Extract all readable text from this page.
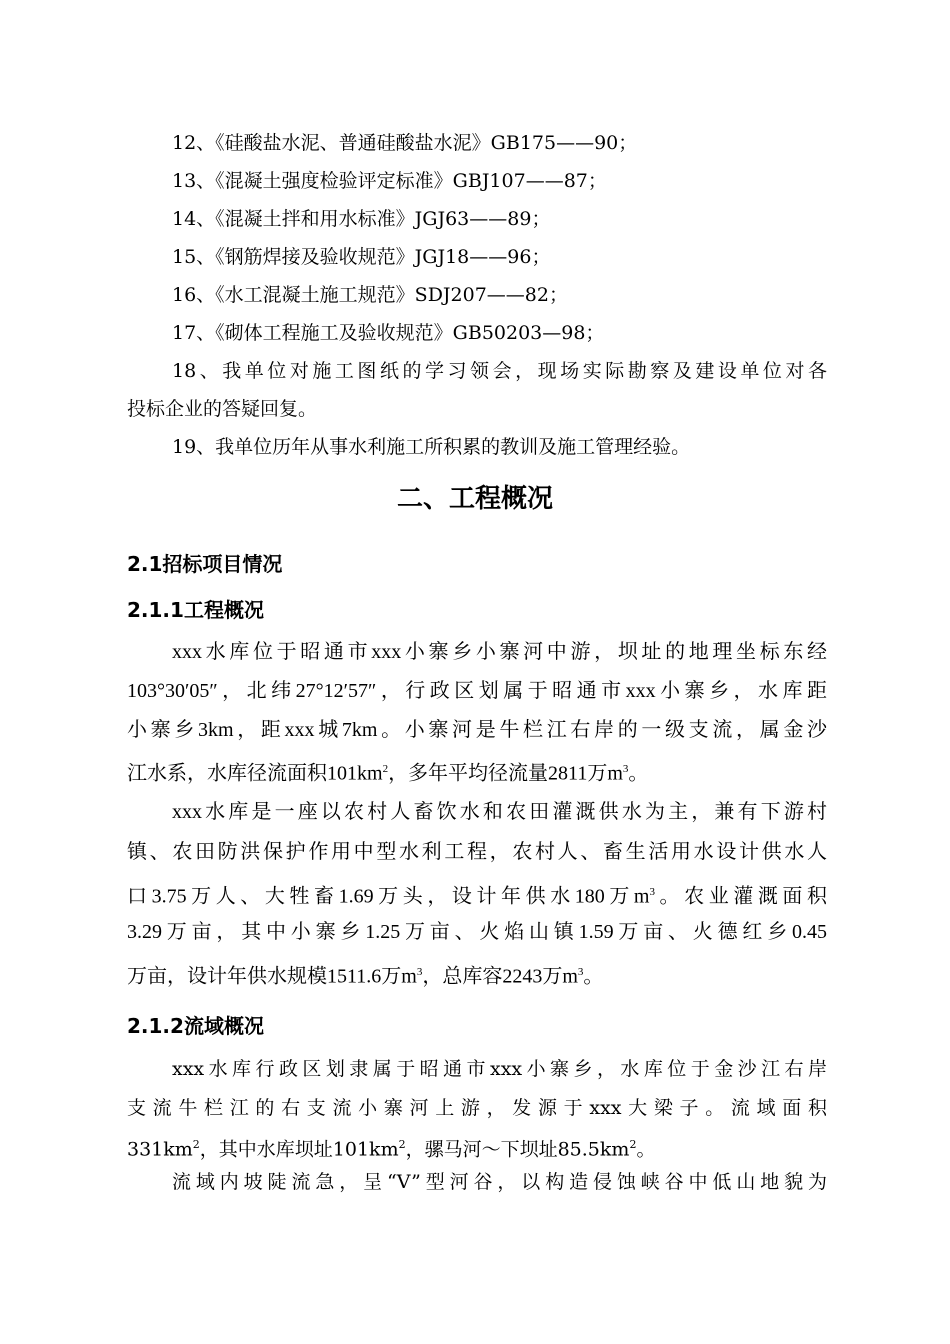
12、《硅酸盐水泥、普通硅酸盐水泥》GB175——90；
13、《混凝土强度检验评定标准》GBJ107——87；
14、《混凝土拌和用水标准》JGJ63——89；
15、《钢筋焊接及验收规范》JGJ18——96；
16、《水工混凝土施工规范》SDJ207——82；
17、《砌体工程施工及验收规范》GB50203—98；
18、我单位对施工图纸的学习领会，现场实际勘察及建设单位对各
投标企业的答疑回复。
19、我单位历年从事水利施工所积累的教训及施工管理经验。
二、工程概况
2.1招标项目情况
2.1.1工程概况
xxx水库位于昭通市xxx小寨乡小寨河中游，坝址的地理坐标东经
103°30′05″，北纬27°12′57″，行政区划属于昭通市xxx小寨乡，水库距
小寨乡3km，距xxx城7km。小寨河是牛栏江右岸的一级支流，属金沙
江水系，水库径流面积$101km^2$，多年平均径流量2811万$m^3$。
xxx水库是一座以农村人畜饮水和农田灌溉供水为主，兼有下游村
镇、农田防洪保护作用中型水利工程，农村人、畜生活用水设计供水人
口3.75万人、大牲畜1.69万头，设计年供水180万$m^3$。农业灌溉面积
3.29万亩，其中小寨乡1.25万亩、火焰山镇1.59万亩、火德红乡0.45
万亩，设计年供水规模1511.6万$m^3$，总库容2243万$m^3$。
2.1.2流域概况
xxx水库行政区划隶属于昭通市xxx小寨乡，水库位于金沙江右岸
支流牛栏江的右支流小寨河上游，发源于xxx大梁子。流域面积
$331km^2$，其中水库坝址$101km^2$，骡马河～下坝址$85.5km^2$。
流域内坡陡流急，呈“V”型河谷，以构造侵蚀峡谷中低山地貌为
